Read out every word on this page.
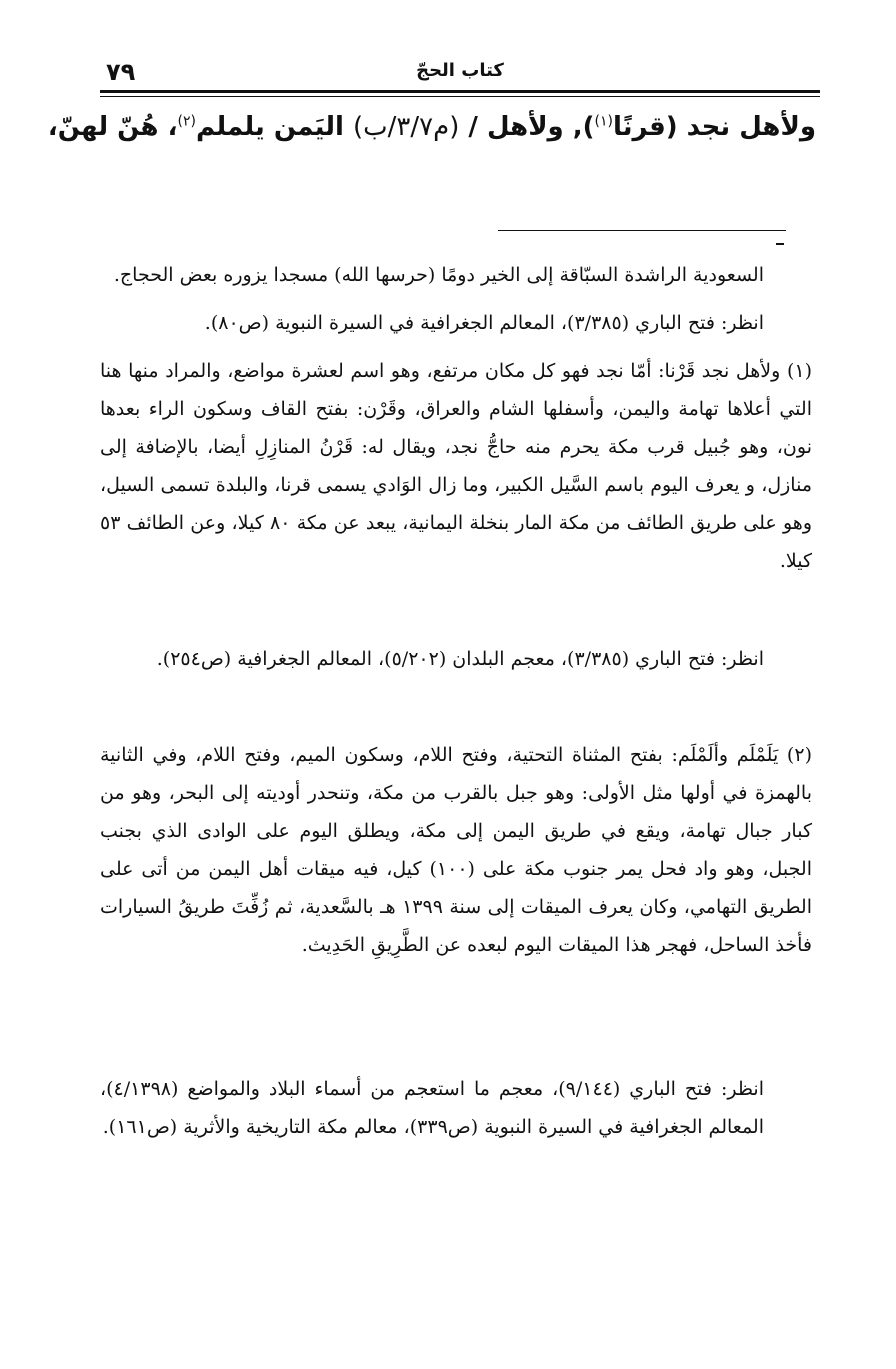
٧٩	كتاب الحجّ
ولأهل نجد (قرنًا$^{(١)}$), ولأهل / (م٣/٧/ب) اليَمن يلملم$^{(٢)}$، هُنّ لهنّ،
السعودية الراشدة السبّاقة إلى الخير دومًا (حرسها الله) مسجدا يزوره بعض الحجاج.
انظر: فتح الباري (٣/٣٨٥)، المعالم الجغرافية في السيرة النبوية (ص٨٠).
(١) ولأهل نجد قَرْنا: أمّا نجد فهو كل مكان مرتفع، وهو اسم لعشرة مواضع، والمراد منها هنا التي أعلاها تهامة واليمن، وأسفلها الشام والعراق، وقَرْن: بفتح القاف وسكون الراء بعدها نون، وهو جُبيل قرب مكة يحرم منه حاجُّ نجد، ويقال له: قَرْنُ المنازِلِ أيضا، بالإضافة إلى منازل، و يعرف اليوم باسم السَّيل الكبير، وما زال الوَادي يسمى قرنا، والبلدة تسمى السيل، وهو على طريق الطائف من مكة المار بنخلة اليمانية، يبعد عن مكة ٨٠ كيلا، وعن الطائف ٥٣ كيلا.
انظر: فتح الباري (٣/٣٨٥)، معجم البلدان (٥/٢٠٢)، المعالم الجغرافية (ص٢٥٤).
(٢) يَلَمْلَم وألَمْلَم: بفتح المثناة التحتية، وفتح اللام، وسكون الميم، وفتح اللام، وفي الثانية بالهمزة في أولها مثل الأولى: وهو جبل بالقرب من مكة، وتنحدر أوديته إلى البحر، وهو من كبار جبال تهامة، ويقع في طريق اليمن إلى مكة، ويطلق اليوم على الوادى الذي بجنب الجبل، وهو واد فحل يمر جنوب مكة على (١٠٠) كيل، فيه ميقات أهل اليمن من أتى على الطريق التهامي، وكان يعرف الميقات إلى سنة ١٣٩٩ هـ بالسَّعدية، ثم زُفِّتَ طريقُ السيارات فأخذ الساحل، فهجر هذا الميقات اليوم لبعده عن الطَّرِيقِ الحَدِيث.
انظر: فتح الباري (٩/١٤٤)، معجم ما استعجم من أسماء البلاد والمواضع (٤/١٣٩٨)، المعالم الجغرافية في السيرة النبوية (ص٣٣٩)، معالم مكة التاريخية والأثرية (ص١٦١).
